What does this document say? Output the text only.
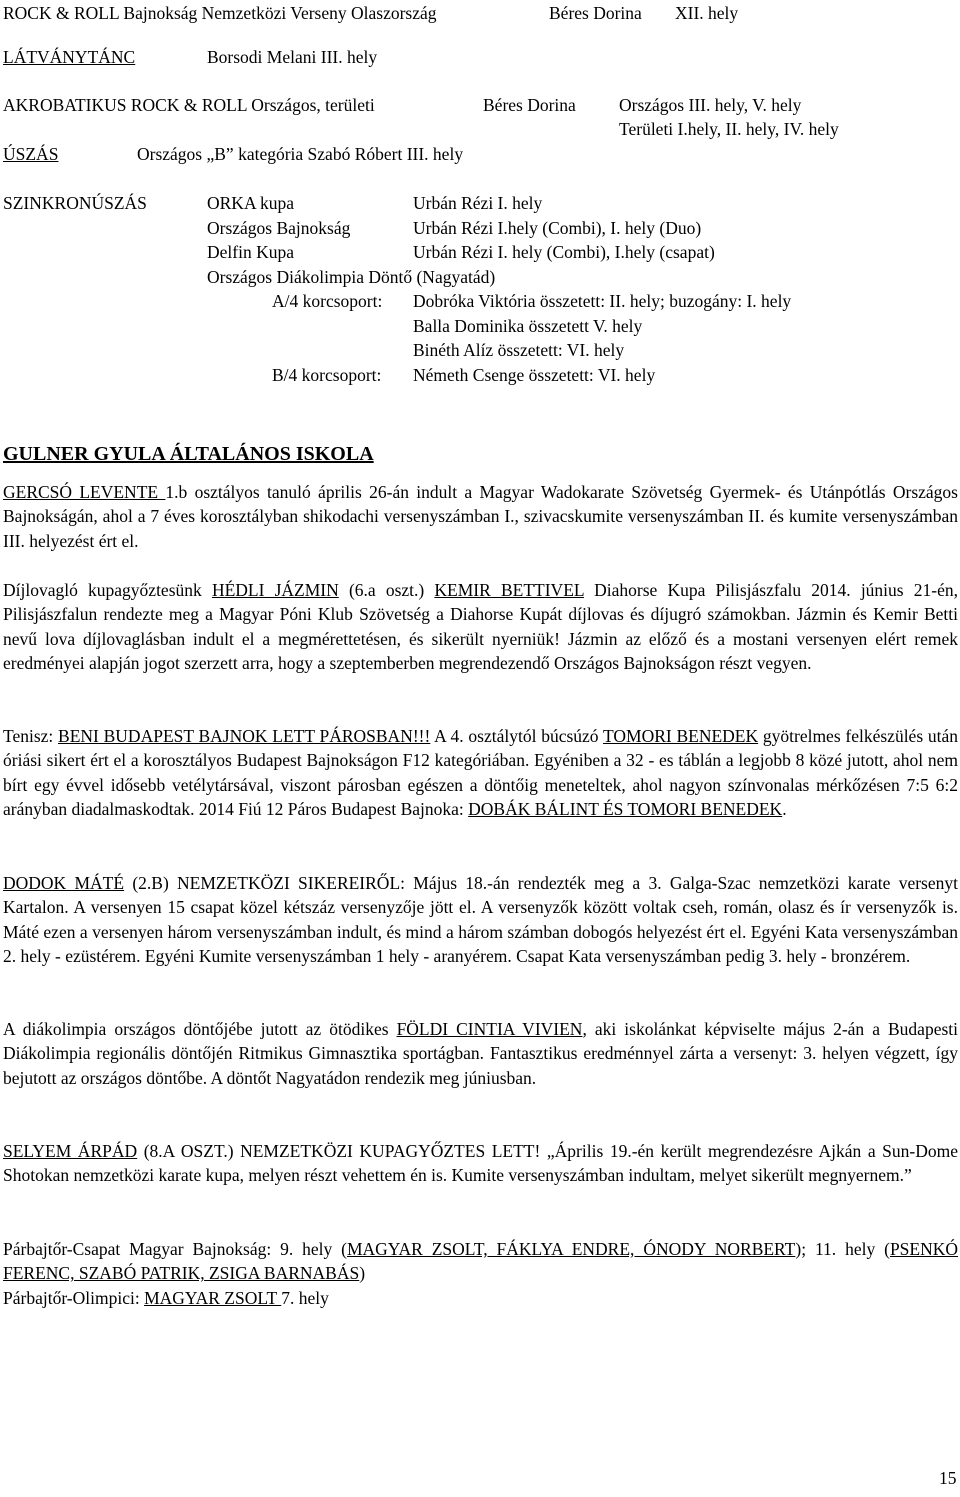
ROCK & ROLL Bajnokság Nemzetközi Verseny Olaszország	Béres Dorina XII. hely
LÁTVÁNYTÁNC	Borsodi Melani III. hely
AKROBATIKUS ROCK & ROLL Országos, területi	Béres Dorina Országos III. hely, V. hely
Területi I.hely, II. hely, IV. hely
ÚSZÁS	Országos „B” kategória Szabó Róbert III. hely
SZINKRONÚSZÁS	ORKA kupa	Urbán Rézi I. hely
Országos Bajnokság	Urbán Rézi I.hely (Combi), I. hely (Duo)
Delfin Kupa	Urbán Rézi I. hely (Combi), I.hely (csapat)
Országos Diákolimpia Döntő (Nagyatád)
A/4 korcsoport: Dobróka Viktória összetett: II. hely; buzogány: I. hely
Balla Dominika összetett V. hely
Binéth Alíz összetett: VI. hely
B/4 korcsoport: Németh Csenge összetett: VI. hely
GULNER GYULA ÁLTALÁNOS ISKOLA
GERCSÓ LEVENTE 1.b osztályos tanuló április 26-án indult a Magyar Wadokarate Szövetség Gyermek- és Utánpótlás Országos Bajnokságán, ahol a 7 éves korosztályban shikodachi versenyszámban I., szivacskumite versenyszámban II. és kumite versenyszámban III. helyezést ért el.
Díjlovagló kupagyőztesünk HÉDLI JÁZMIN (6.a oszt.) KEMIR BETTIVEL Diahorse Kupa Pilisjászfalu 2014. június 21-én, Pilisjászfalun rendezte meg a Magyar Póni Klub Szövetség a Diahorse Kupát díjlovas és díjugró számokban. Jázmin és Kemir Betti nevű lova díjlovaglásban indult el a megmérettetésen, és sikerült nyerniük! Jázmin az előző és a mostani versenyen elért remek eredményei alapján jogot szerzett arra, hogy a szeptemberben megrendezendő Országos Bajnokságon részt vegyen.
Tenisz: BENI BUDAPEST BAJNOK LETT PÁROSBAN!!! A 4. osztálytól búcsúzó TOMORI BENEDEK gyötrelmes felkészülés után óriási sikert ért el a korosztályos Budapest Bajnokságon F12 kategóriában. Egyéniben a 32 - es táblán a legjobb 8 közé jutott, ahol nem bírt egy évvel idősebb vetélytársával, viszont párosban egészen a döntőig meneteltek, ahol nagyon színvonalas mérkőzésen 7:5 6:2 arányban diadalmaskodtak. 2014 Fiú 12 Páros Budapest Bajnoka: DOBÁK BÁLINT ÉS TOMORI BENEDEK.
DODOK MÁTÉ (2.B) NEMZETKÖZI SIKEREIRŐL: Május 18.-án rendezték meg a 3. Galga-Szac nemzetközi karate versenyt Kartalon. A versenyen 15 csapat közel kétszáz versenyzője jött el. A versenyzők között voltak cseh, román, olasz és ír versenyzők is. Máté ezen a versenyen három versenyszámban indult, és mind a három számban dobogós helyezést ért el. Egyéni Kata versenyszámban 2. hely - ezüstérem. Egyéni Kumite versenyszámban 1 hely - aranyérem. Csapat Kata versenyszámban pedig 3. hely - bronzérem.
A diákolimpia országos döntőjébe jutott az ötödikes FÖLDI CINTIA VIVIEN, aki iskolánkat képviselte május 2-án a Budapesti Diákolimpia regionális döntőjén Ritmikus Gimnasztika sportágban. Fantasztikus eredménnyel zárta a versenyt: 3. helyen végzett, így bejutott az országos döntőbe. A döntőt Nagyatádon rendezik meg júniusban.
SELYEM ÁRPÁD (8.A OSZT.) NEMZETKÖZI KUPAGYŐZTES LETT! „Április 19.-én került megrendezésre Ajkán a Sun-Dome Shotokan nemzetközi karate kupa, melyen részt vehettem én is. Kumite versenyszámban indultam, melyet sikerült megnyernem.”
Párbajtőr-Csapat Magyar Bajnokság: 9. hely (MAGYAR ZSOLT, FÁKLYA ENDRE, ÓNODY NORBERT); 11. hely (PSENKÓ FERENC, SZABÓ PATRIK, ZSIGA BARNABÁS)
Párbajtőr-Olimpici: MAGYAR ZSOLT 7. hely
15
